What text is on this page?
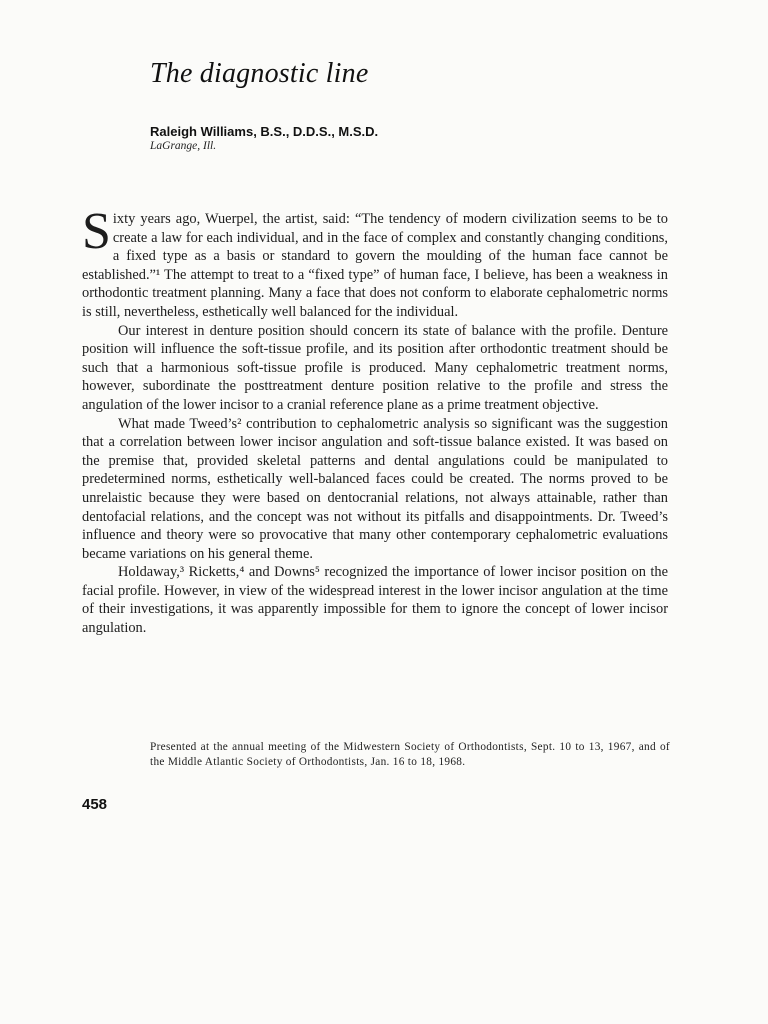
The diagnostic line
Raleigh Williams, B.S., D.D.S., M.S.D.
LaGrange, Ill.

Sixty years ago, Wuerpel, the artist, said: “The tendency of modern civilization seems to be to create a law for each individual, and in the face of complex and constantly changing conditions, a fixed type as a basis or standard to govern the moulding of the human face cannot be established.”¹ The attempt to treat to a “fixed type” of human face, I believe, has been a weakness in orthodontic treatment planning. Many a face that does not conform to elaborate cephalometric norms is still, nevertheless, esthetically well balanced for the individual.

Our interest in denture position should concern its state of balance with the profile. Denture position will influence the soft-tissue profile, and its position after orthodontic treatment should be such that a harmonious soft-tissue profile is produced. Many cephalometric treatment norms, however, subordinate the posttreatment denture position relative to the profile and stress the angulation of the lower incisor to a cranial reference plane as a prime treatment objective.

What made Tweed’s² contribution to cephalometric analysis so significant was the suggestion that a correlation between lower incisor angulation and soft-tissue balance existed. It was based on the premise that, provided skeletal patterns and dental angulations could be manipulated to predetermined norms, esthetically well-balanced faces could be created. The norms proved to be unrelaistic because they were based on dentocranial relations, not always attainable, rather than dentofacial relations, and the concept was not without its pitfalls and disappointments. Dr. Tweed’s influence and theory were so provocative that many other contemporary cephalometric evaluations became variations on his general theme.

Holdaway,³ Ricketts,⁴ and Downs⁵ recognized the importance of lower incisor position on the facial profile. However, in view of the widespread interest in the lower incisor angulation at the time of their investigations, it was apparently impossible for them to ignore the concept of lower incisor angulation.

Presented at the annual meeting of the Midwestern Society of Orthodontists, Sept. 10 to 13, 1967, and of the Middle Atlantic Society of Orthodontists, Jan. 16 to 18, 1968.
458
